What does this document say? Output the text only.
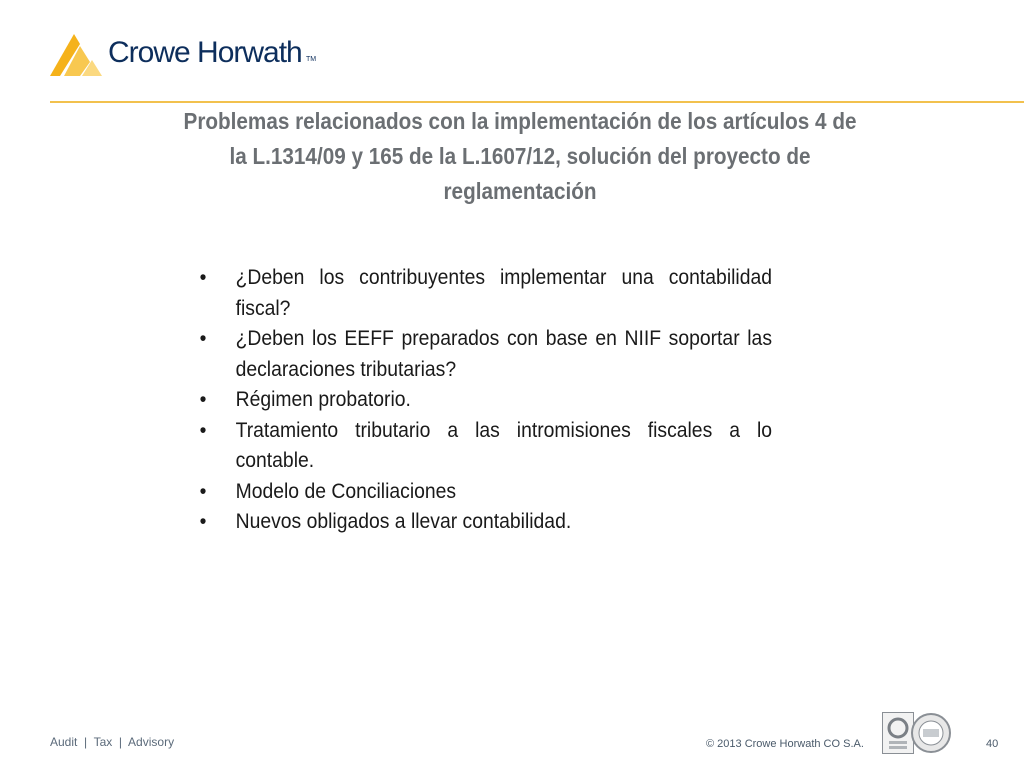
Crowe Horwath TM
Problemas relacionados con la implementación de los artículos 4 de la L.1314/09 y 165 de la L.1607/12, solución del proyecto de reglamentación
• ¿Deben los contribuyentes implementar una contabilidad fiscal?
• ¿Deben los EEFF preparados con base en NIIF soportar las declaraciones tributarias?
• Régimen probatorio.
• Tratamiento tributario a las intromisiones fiscales a lo contable.
• Modelo de Conciliaciones
• Nuevos obligados a llevar contabilidad.
Audit  |  Tax  |  Advisory	© 2013 Crowe Horwath CO S.A.	40
